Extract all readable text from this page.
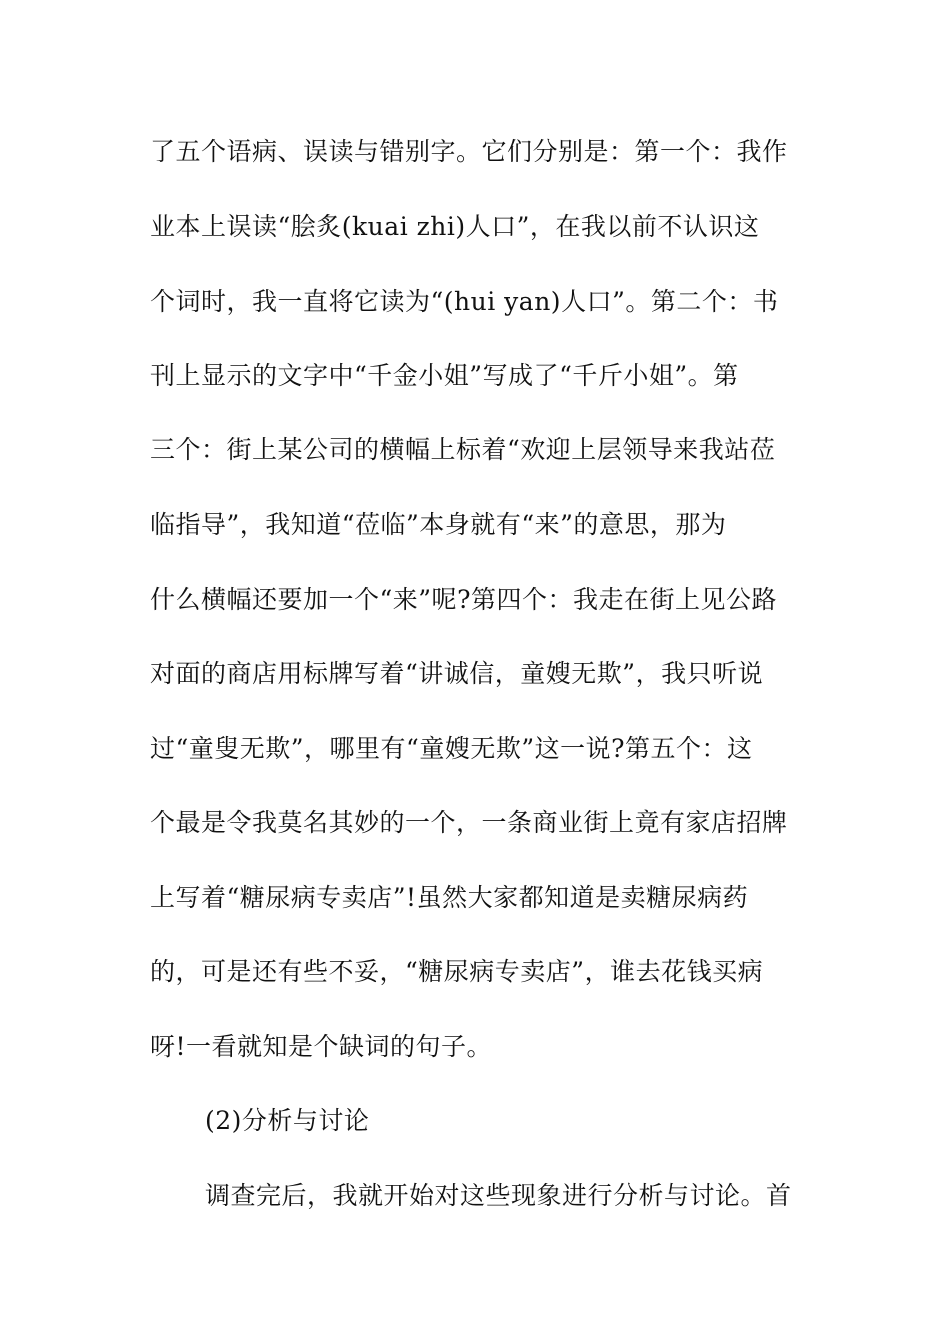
了五个语病、误读与错别字。它们分别是：第一个：我作
业本上误读“脍炙(kuai zhi)人口”，在我以前不认识这
个词时，我一直将它读为“(hui yan)人口”。第二个：书
刊上显示的文字中“千金小姐”写成了“千斤小姐”。第
三个：街上某公司的横幅上标着“欢迎上层领导来我站莅
临指导”，我知道“莅临”本身就有“来”的意思，那为
什么横幅还要加一个“来”呢?第四个：我走在街上见公路
对面的商店用标牌写着“讲诚信，童嫂无欺”，我只听说
过“童叟无欺”，哪里有“童嫂无欺”这一说?第五个：这
个最是令我莫名其妙的一个，一条商业街上竟有家店招牌
上写着“糖尿病专卖店”!虽然大家都知道是卖糖尿病药
的，可是还有些不妥，“糖尿病专卖店”，谁去花钱买病
呀!一看就知是个缺词的句子。
(2)分析与讨论
调查完后，我就开始对这些现象进行分析与讨论。首
